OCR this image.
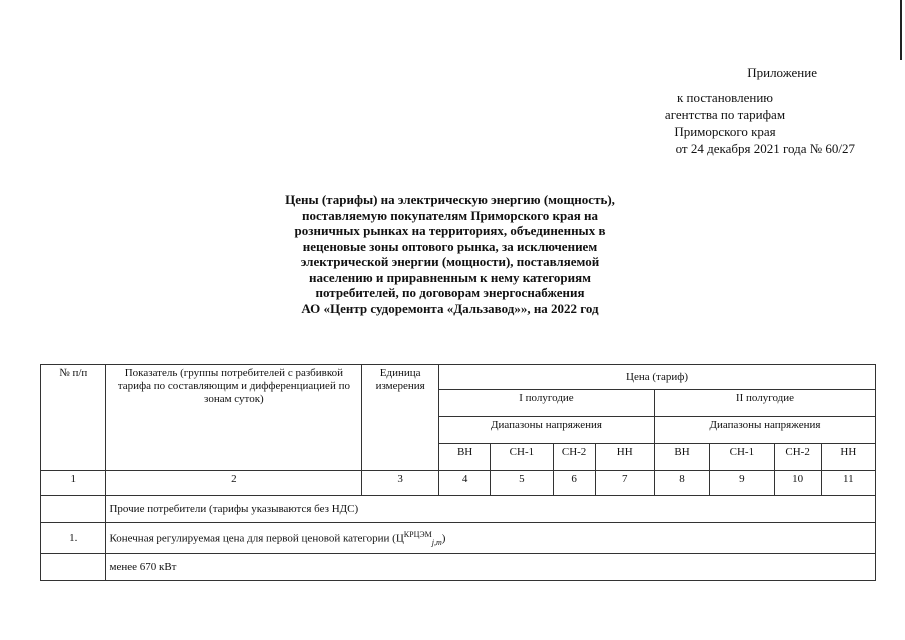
Приложение
к постановлению
агентства по тарифам
Приморского края
от 24 декабря 2021 года № 60/27
Цены (тарифы) на электрическую энергию (мощность),
поставляемую покупателям Приморского края на
розничных рынках на территориях, объединенных в
неценовые зоны оптового рынка, за исключением
электрической энергии (мощности), поставляемой
населению и приравненным к нему категориям
потребителей, по договорам энергоснабжения
АО «Центр судоремонта «Дальзавод»», на 2022 год
№ п/п	Показатель (группы потребителей с разбивкой тарифа по составляющим и дифференциацией по зонам суток)	Единица измерения	Цена (тариф)							
			I полугодие				II полугодие			
			Диапазоны напряжения				Диапазоны напряжения			
			ВН	СН-1	СН-2	НН	ВН	СН-1	СН-2	НН
1	2	3	4	5	6	7	8	9	10	11
	Прочие потребители (тарифы указываются без НДС)									
1.	Конечная регулируемая цена для первой ценовой категории $(Ц^{КРЦЭМ}_{j,m})$									
	менее 670 кВт									
